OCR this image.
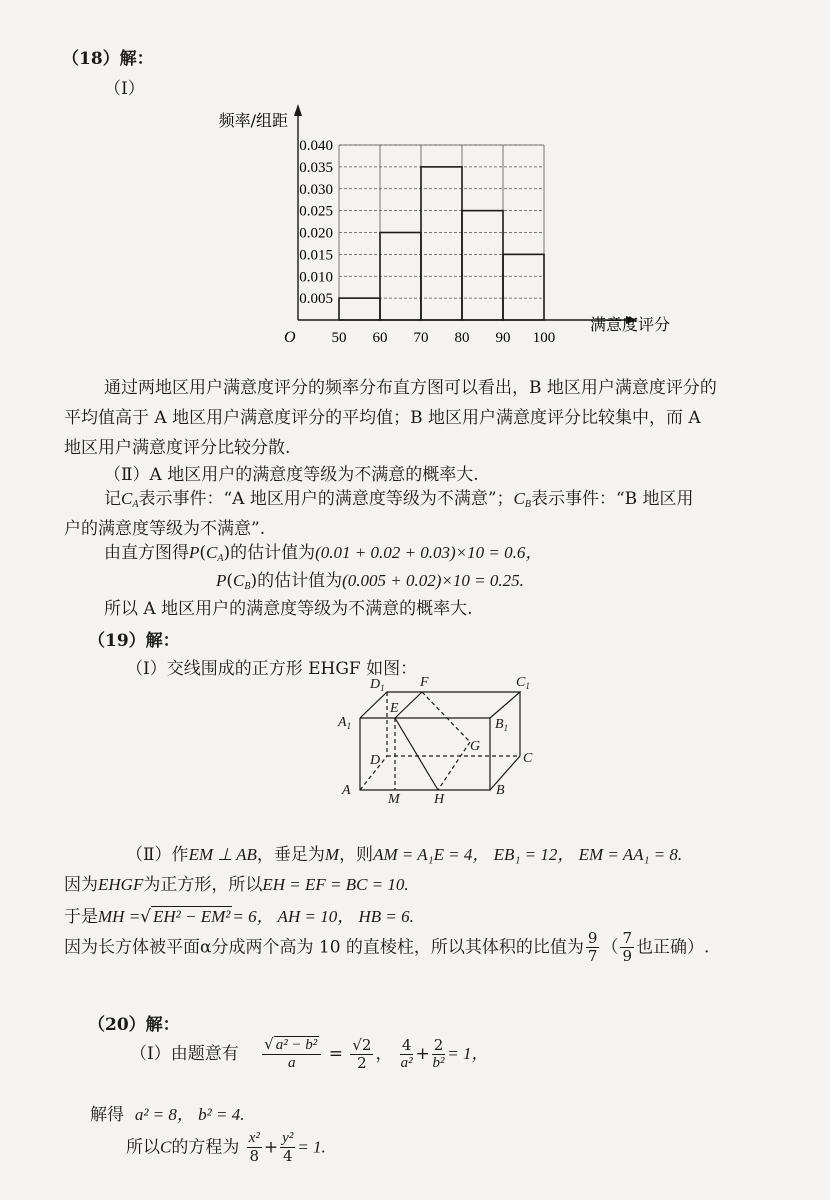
（18）解：
（Ⅰ）
0.005
0.010
0.015
0.020
0.025
0.030
0.035
0.040
50 60 70 80 90 100
O
频率/组距
满意度评分
通过两地区用户满意度评分的频率分布直方图可以看出，B 地区用户满意度评分的
平均值高于 A 地区用户满意度评分的平均值；B 地区用户满意度评分比较集中，而 A
地区用户满意度评分比较分散.
（Ⅱ）A 地区用户的满意度等级为不满意的概率大.
记$C_A$表示事件：“A 地区用户的满意度等级为不满意”；$C_B$表示事件：“B 地区用
户的满意度等级为不满意”.
由直方图得$P(C_A)$的估计值为(0.01 + 0.02 + 0.03)×10 = 0.6，
$P(C_B)$的估计值为(0.005 + 0.02)×10 = 0.25.
所以 A 地区用户的满意度等级为不满意的概率大.
（19）解：
（Ⅰ）交线围成的正方形 EHGF 如图：
$D_1$	F	$C_1$
$A_1$
E
$B_1$
G
D	C
A
M H
B
（Ⅱ）作EM ⊥ AB，垂足为M，则AM = A₁E = 4， EB₁ = 12， EM = AA₁ = 8.
因为EHGF为正方形，所以EH = EF = BC = 10.
于是MH =√ EH² − EM² = 6， AH = 10， HB = 6.
因为长方体被平面α分成两个高为 10 的直棱柱，所以其体积的比值为 $\frac{9}{7}$ （ $\frac{7}{9}$ 也正确）.
（20）解：
（Ⅰ）由题意有 $\frac{\text{√ a² − b²}}{a} = \frac{√2}{2}$ ， $\frac{4}{\text{a²}} + \frac{2}{\text{b²}} = 1$，
解得 a² = 8， b² = 4.
所以C的方程为 $\frac{\text{x²}}{8} + \frac{\text{y²}}{4} = 1$.
